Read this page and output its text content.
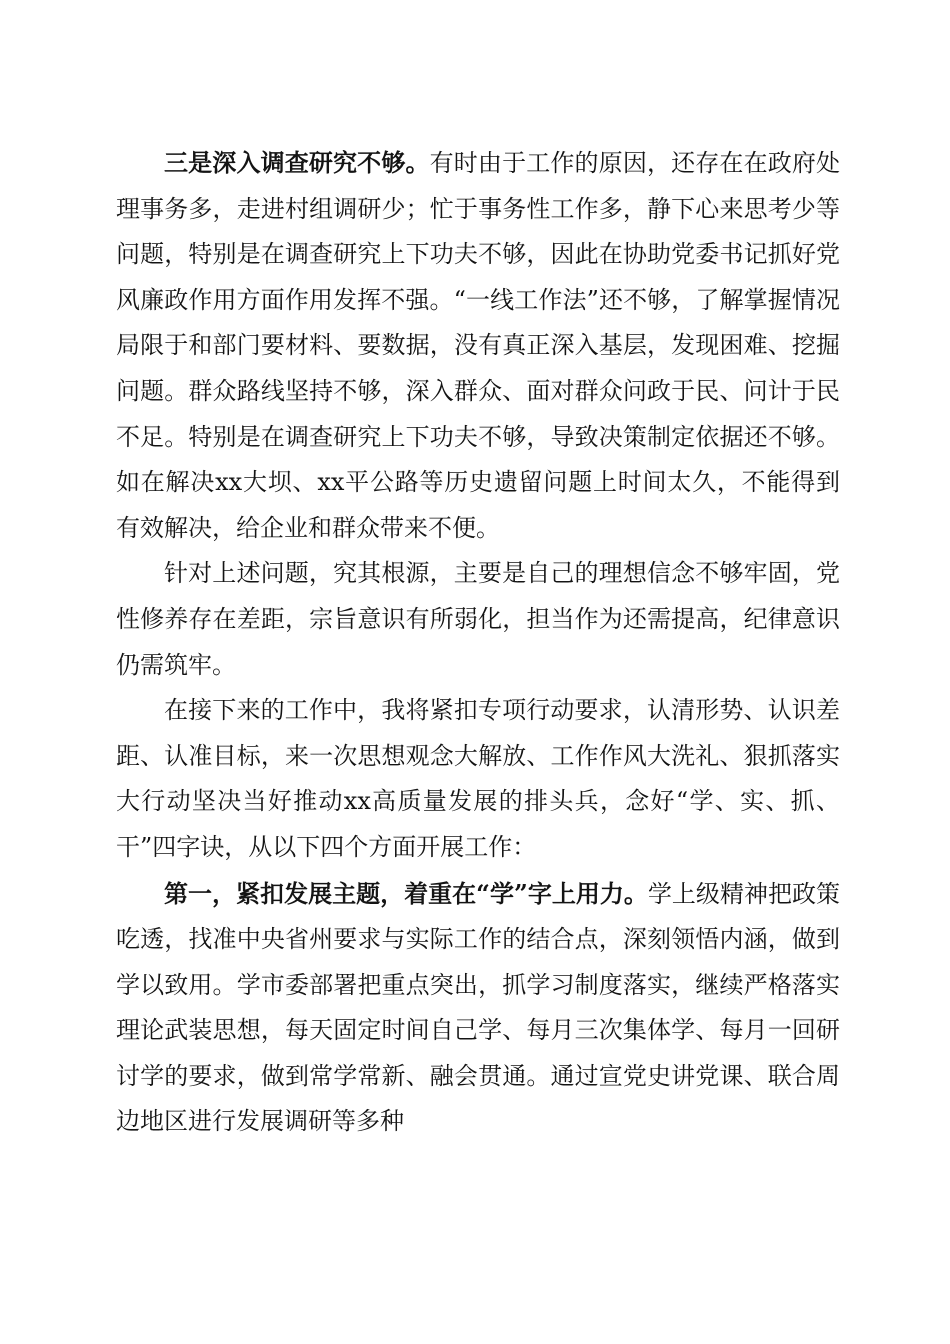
三是深入调查研究不够。有时由于工作的原因，还存在在政府处理事务多，走进村组调研少；忙于事务性工作多，静下心来思考少等问题，特别是在调查研究上下功夫不够，因此在协助党委书记抓好党风廉政作用方面作用发挥不强。“一线工作法”还不够，了解掌握情况局限于和部门要材料、要数据，没有真正深入基层，发现困难、挖掘问题。群众路线坚持不够，深入群众、面对群众问政于民、问计于民不足。特别是在调查研究上下功夫不够，导致决策制定依据还不够。如在解决xx大坝、xx平公路等历史遗留问题上时间太久，不能得到有效解决，给企业和群众带来不便。

针对上述问题，究其根源，主要是自己的理想信念不够牢固，党性修养存在差距，宗旨意识有所弱化，担当作为还需提高，纪律意识仍需筑牢。

在接下来的工作中，我将紧扣专项行动要求，认清形势、认识差距、认准目标，来一次思想观念大解放、工作作风大洗礼、狠抓落实大行动坚决当好推动xx高质量发展的排头兵，念好“学、实、抓、干”四字诀，从以下四个方面开展工作：

第一，紧扣发展主题，着重在“学”字上用力。学上级精神把政策吃透，找准中央省州要求与实际工作的结合点，深刻领悟内涵，做到学以致用。学市委部署把重点突出，抓学习制度落实，继续严格落实理论武装思想，每天固定时间自己学、每月三次集体学、每月一回研讨学的要求，做到常学常新、融会贯通。通过宣党史讲党课、联合周边地区进行发展调研等多种
